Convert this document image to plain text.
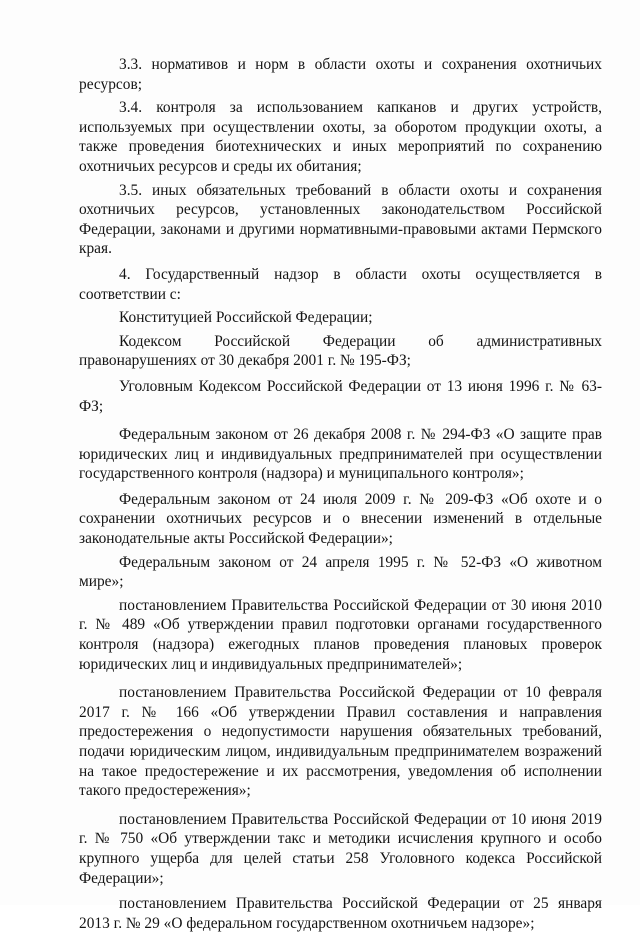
3.3. нормативов и норм в области охоты и сохранения охотничьих ресурсов;

3.4. контроля за использованием капканов и других устройств, используемых при осуществлении охоты, за оборотом продукции охоты, а также проведения биотехнических и иных мероприятий по сохранению охотничьих ресурсов и среды их обитания;

3.5. иных обязательных требований в области охоты и сохранения охотничьих ресурсов, установленных законодательством Российской Федерации, законами и другими нормативными-правовыми актами Пермского края.

4. Государственный надзор в области охоты осуществляется в соответствии с:

Конституцией Российской Федерации;

Кодексом Российской Федерации об административных правонарушениях от 30 декабря 2001 г. № 195-ФЗ;

Уголовным Кодексом Российской Федерации от 13 июня 1996 г. № 63-ФЗ;

Федеральным законом от 26 декабря 2008 г. № 294-ФЗ «О защите прав юридических лиц и индивидуальных предпринимателей при осуществлении государственного контроля (надзора) и муниципального контроля»;

Федеральным законом от 24 июля 2009 г. № 209-ФЗ «Об охоте и о сохранении охотничьих ресурсов и о внесении изменений в отдельные законодательные акты Российской Федерации»;

Федеральным законом от 24 апреля 1995 г. № 52-ФЗ «О животном мире»;

постановлением Правительства Российской Федерации от 30 июня 2010 г. № 489 «Об утверждении правил подготовки органами государственного контроля (надзора) ежегодных планов проведения плановых проверок юридических лиц и индивидуальных предпринимателей»;

постановлением Правительства Российской Федерации от 10 февраля 2017 г. № 166 «Об утверждении Правил составления и направления предостережения о недопустимости нарушения обязательных требований, подачи юридическим лицом, индивидуальным предпринимателем возражений на такое предостережение и их рассмотрения, уведомления об исполнении такого предостережения»;

постановлением Правительства Российской Федерации от 10 июня 2019 г. № 750 «Об утверждении такс и методики исчисления крупного и особо крупного ущерба для целей статьи 258 Уголовного кодекса Российской Федерации»;

постановлением Правительства Российской Федерации от 25 января 2013 г. № 29 «О федеральном государственном охотничьем надзоре»;
